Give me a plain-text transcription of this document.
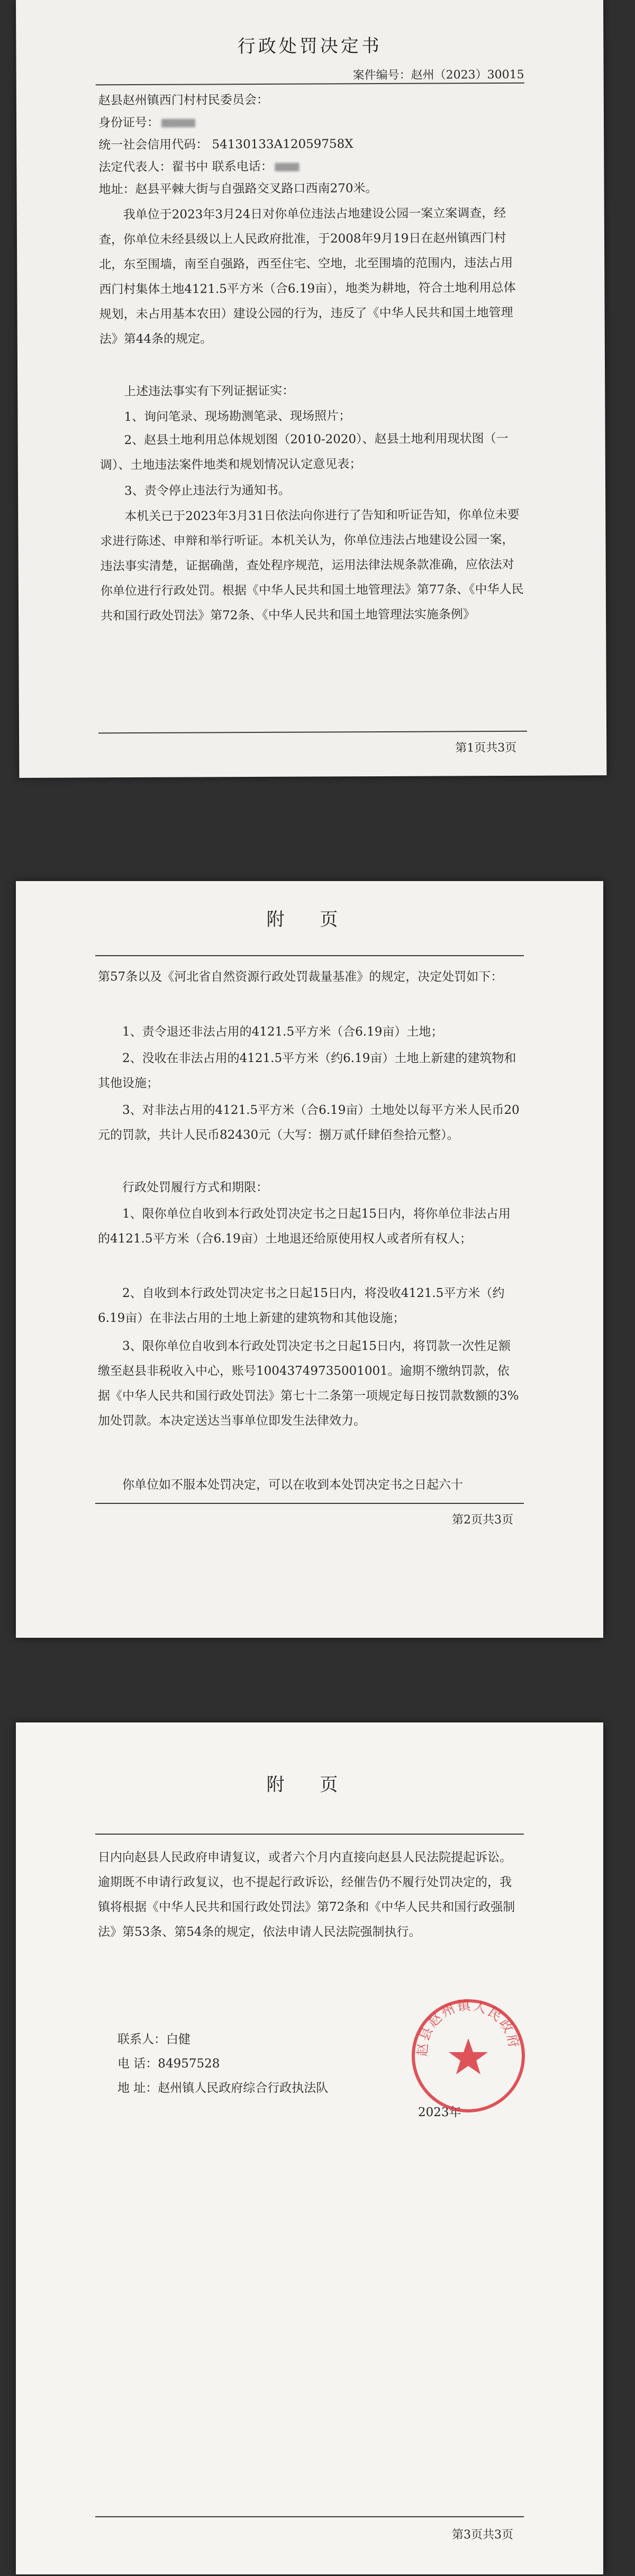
行政处罚决定书
案件编号：赵州（2023）30015
赵县赵州镇西门村村民委员会：
身份证号：
统一社会信用代码： 54130133A12059758X
法定代表人：翟书中 联系电话：
地址：赵县平棘大街与自强路交叉路口西南270米。
我单位于2023年3月24日对你单位违法占地建设公园一案立案调查，经查，你单位未经县级以上人民政府批准，于2008年9月19日在赵州镇西门村北，东至围墙，南至自强路，西至住宅、空地，北至围墙的范围内，违法占用西门村集体土地4121.5平方米（合6.19亩），地类为耕地，符合土地利用总体规划，未占用基本农田）建设公园的行为，违反了《中华人民共和国土地管理法》第44条的规定。
上述违法事实有下列证据证实：
1、询问笔录、现场勘测笔录、现场照片；
2、赵县土地利用总体规划图（2010-2020）、赵县土地利用现状图（一调）、土地违法案件地类和规划情况认定意见表；
3、责令停止违法行为通知书。
本机关已于2023年3月31日依法向你进行了告知和听证告知，你单位未要求进行陈述、申辩和举行听证。本机关认为，你单位违法占地建设公园一案，违法事实清楚，证据确凿，查处程序规范，运用法律法规条款准确，应依法对你单位进行行政处罚。根据《中华人民共和国土地管理法》第77条、《中华人民共和国行政处罚法》第72条、《中华人民共和国土地管理法实施条例》
第1页共3页
附 页
第57条以及《河北省自然资源行政处罚裁量基准》的规定，决定处罚如下：
1、责令退还非法占用的4121.5平方米（合6.19亩）土地；
2、没收在非法占用的4121.5平方米（约6.19亩）土地上新建的建筑物和其他设施；
3、对非法占用的4121.5平方米（合6.19亩）土地处以每平方米人民币20元的罚款，共计人民币82430元（大写：捌万贰仟肆佰叁拾元整）。
行政处罚履行方式和期限：
1、限你单位自收到本行政处罚决定书之日起15日内，将你单位非法占用的4121.5平方米（合6.19亩）土地退还给原使用权人或者所有权人；
2、自收到本行政处罚决定书之日起15日内，将没收4121.5平方米（约6.19亩）在非法占用的土地上新建的建筑物和其他设施；
3、限你单位自收到本行政处罚决定书之日起15日内，将罚款一次性足额缴至赵县非税收入中心，账号10043749735001001。逾期不缴纳罚款，依据《中华人民共和国行政处罚法》第七十二条第一项规定每日按罚款数额的3%加处罚款。本决定送达当事单位即发生法律效力。
你单位如不服本处罚决定，可以在收到本处罚决定书之日起六十
第2页共3页
附 页
日内向赵县人民政府申请复议，或者六个月内直接向赵县人民法院提起诉讼。逾期既不申请行政复议，也不提起行政诉讼，经催告仍不履行处罚决定的，我镇将根据《中华人民共和国行政处罚法》第72条和《中华人民共和国行政强制法》第53条、第54条的规定，依法申请人民法院强制执行。
联系人：白健
电 话：84957528
地 址：赵州镇人民政府综合行政执法队
2023年
赵县赵州镇人民政府
第3页共3页
